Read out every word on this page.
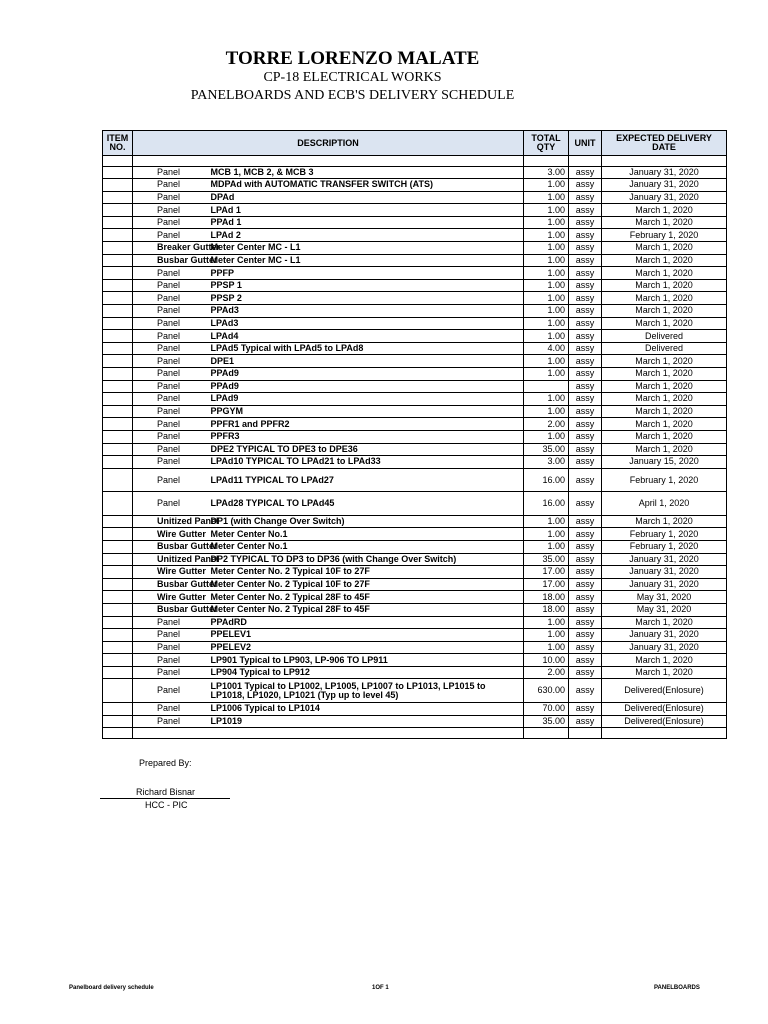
TORRE LORENZO MALATE
CP-18 ELECTRICAL WORKS
PANELBOARDS AND ECB'S DELIVERY SCHEDULE
ITEM NO.	DESCRIPTION		TOTAL QTY	UNIT	EXPECTED DELIVERY DATE

	Panel	MCB 1, MCB 2, & MCB 3	3.00	assy	January 31, 2020
	Panel	MDPAd with AUTOMATIC TRANSFER SWITCH (ATS)	1.00	assy	January 31, 2020
	Panel	DPAd	1.00	assy	January 31, 2020
	Panel	LPAd 1	1.00	assy	March 1, 2020
	Panel	PPAd 1	1.00	assy	March 1, 2020
	Panel	LPAd 2	1.00	assy	February 1, 2020
	Breaker Gutter	Meter Center MC - L1	1.00	assy	March 1, 2020
	Busbar Gutter	Meter Center MC - L1	1.00	assy	March 1, 2020
	Panel	PPFP	1.00	assy	March 1, 2020
	Panel	PPSP 1	1.00	assy	March 1, 2020
	Panel	PPSP 2	1.00	assy	March 1, 2020
	Panel	PPAd3	1.00	assy	March 1, 2020
	Panel	LPAd3	1.00	assy	March 1, 2020
	Panel	LPAd4	1.00	assy	Delivered
	Panel	LPAd5 Typical with LPAd5 to LPAd8	4.00	assy	Delivered
	Panel	DPE1	1.00	assy	March 1, 2020
	Panel	PPAd9	1.00	assy	March 1, 2020
	Panel	PPAd9		assy	March 1, 2020
	Panel	LPAd9	1.00	assy	March 1, 2020
	Panel	PPGYM	1.00	assy	March 1, 2020
	Panel	PPFR1 and PPFR2	2.00	assy	March 1, 2020
	Panel	PPFR3	1.00	assy	March 1, 2020
	Panel	DPE2 TYPICAL TO DPE3 to DPE36	35.00	assy	March 1, 2020
	Panel	LPAd10 TYPICAL TO LPAd21 to LPAd33	3.00	assy	January 15, 2020
	Panel	LPAd11 TYPICAL TO LPAd27	16.00	assy	February 1, 2020
	Panel	LPAd28 TYPICAL TO LPAd45	16.00	assy	April 1, 2020
	Unitized Panel	DP1 (with Change Over Switch)	1.00	assy	March 1, 2020
	Wire Gutter	Meter Center No.1	1.00	assy	February 1, 2020
	Busbar Gutter	Meter Center No.1	1.00	assy	February 1, 2020
	Unitized Panel	DP2 TYPICAL TO DP3 to DP36 (with Change Over Switch)	35.00	assy	January 31, 2020
	Wire Gutter	Meter Center No. 2 Typical 10F to 27F	17.00	assy	January 31, 2020
	Busbar Gutter	Meter Center No. 2 Typical 10F to 27F	17.00	assy	January 31, 2020
	Wire Gutter	Meter Center No. 2 Typical 28F to 45F	18.00	assy	May 31, 2020
	Busbar Gutter	Meter Center No. 2 Typical 28F to 45F	18.00	assy	May 31, 2020
	Panel	PPAdRD	1.00	assy	March 1, 2020
	Panel	PPELEV1	1.00	assy	January 31, 2020
	Panel	PPELEV2	1.00	assy	January 31, 2020
	Panel	LP901 Typical to LP903, LP-906 TO LP911	10.00	assy	March 1, 2020
	Panel	LP904 Typical to LP912	2.00	assy	March 1, 2020
	Panel	LP1001 Typical to LP1002, LP1005, LP1007 to LP1013, LP1015 to LP1018, LP1020, LP1021 (Typ up to level 45)	630.00	assy	Delivered(Enlosure)
	Panel	LP1006 Typical to LP1014	70.00	assy	Delivered(Enlosure)
	Panel	LP1019	35.00	assy	Delivered(Enlosure)

Prepared By:
Richard Bisnar
HCC - PIC
Panelboard delivery schedule	1OF 1	PANELBOARDS
